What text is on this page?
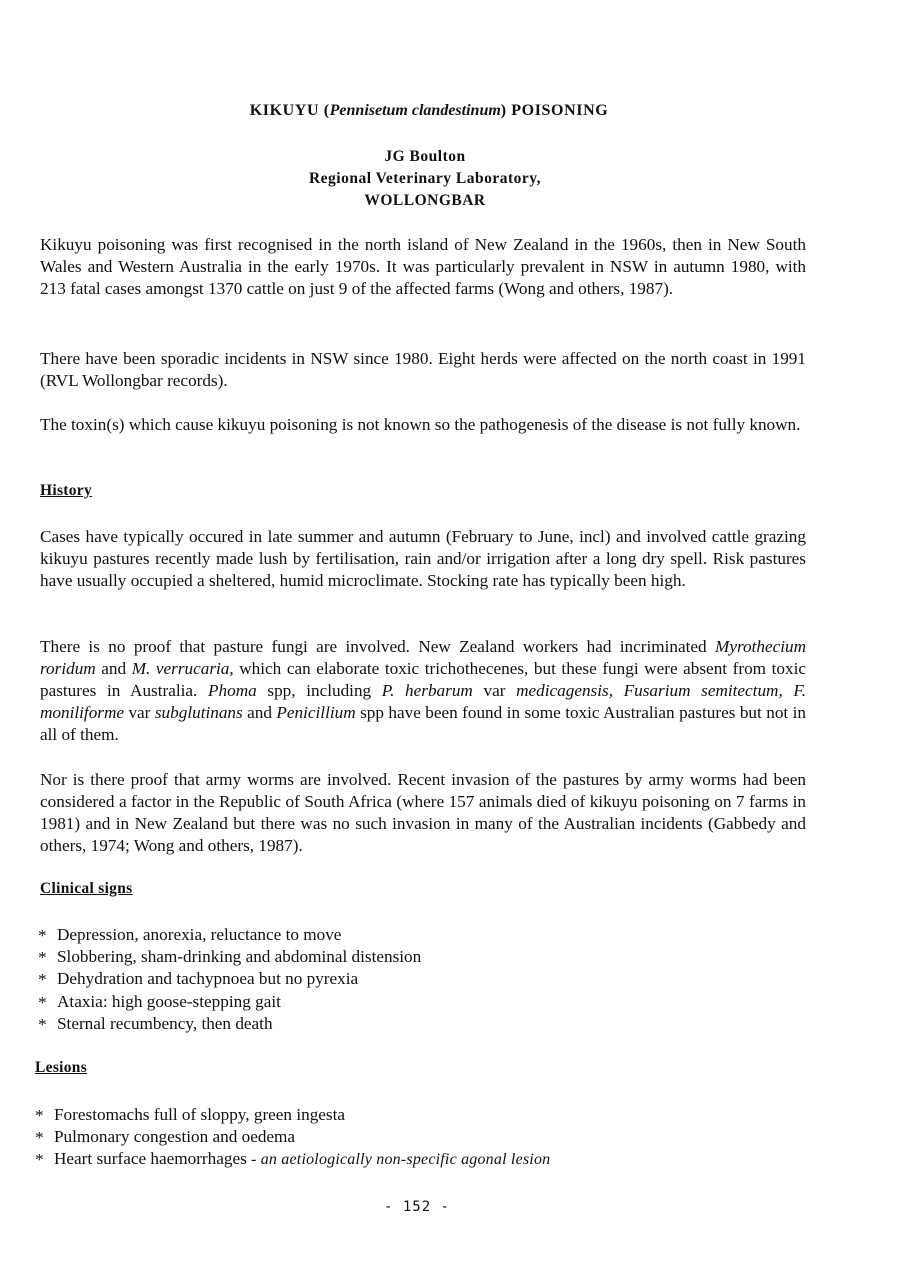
KIKUYU (Pennisetum clandestinum) POISONING
JG Boulton
Regional Veterinary Laboratory,
WOLLONGBAR

Kikuyu poisoning was first recognised in the north island of New Zealand in the 1960s, then in New South Wales and Western Australia in the early 1970s. It was particularly prevalent in NSW in autumn 1980, with 213 fatal cases amongst 1370 cattle on just 9 of the affected farms (Wong and others, 1987).

There have been sporadic incidents in NSW since 1980. Eight herds were affected on the north coast in 1991 (RVL Wollongbar records).

The toxin(s) which cause kikuyu poisoning is not known so the pathogenesis of the disease is not fully known.

History

Cases have typically occured in late summer and autumn (February to June, incl) and involved cattle grazing kikuyu pastures recently made lush by fertilisation, rain and/or irrigation after a long dry spell. Risk pastures have usually occupied a sheltered, humid microclimate. Stocking rate has typically been high.

There is no proof that pasture fungi are involved. New Zealand workers had incriminated Myrothecium roridum and M. verrucaria, which can elaborate toxic trichothecenes, but these fungi were absent from toxic pastures in Australia. Phoma spp, including P. herbarum var medicagensis, Fusarium semitectum, F. moniliforme var subglutinans and Penicillium spp have been found in some toxic Australian pastures but not in all of them.

Nor is there proof that army worms are involved. Recent invasion of the pastures by army worms had been considered a factor in the Republic of South Africa (where 157 animals died of kikuyu poisoning on 7 farms in 1981) and in New Zealand but there was no such invasion in many of the Australian incidents (Gabbedy and others, 1974; Wong and others, 1987).

Clinical signs
* Depression, anorexia, reluctance to move
* Slobbering, sham-drinking and abdominal distension
* Dehydration and tachypnoea but no pyrexia
* Ataxia: high goose-stepping gait
* Sternal recumbency, then death
Lesions
* Forestomachs full of sloppy, green ingesta
* Pulmonary congestion and oedema
* Heart surface haemorrhages - an aetiologically non-specific agonal lesion
- 152 -
